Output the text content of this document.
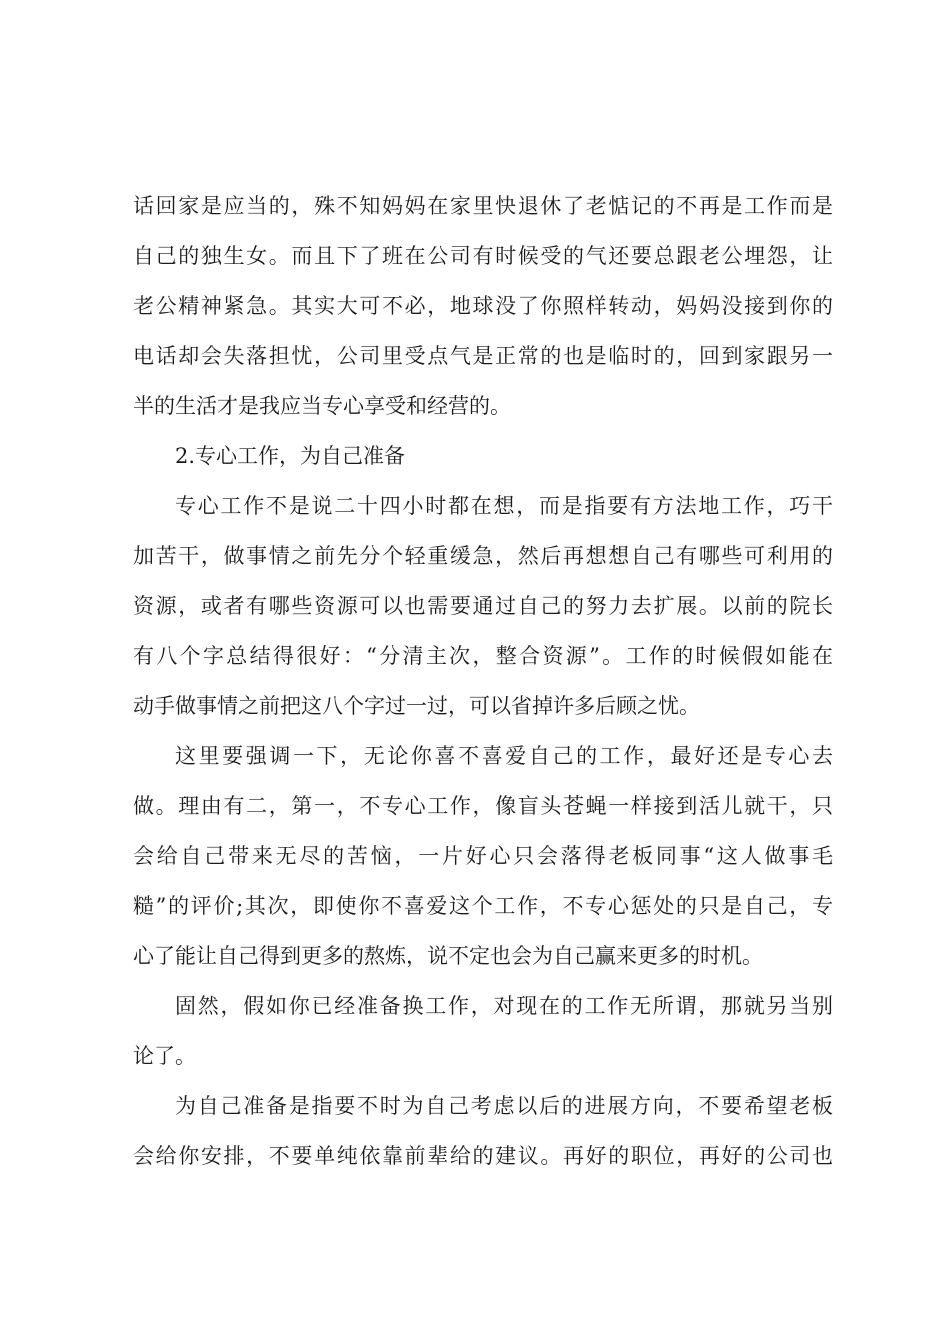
话回家是应当的，殊不知妈妈在家里快退休了老惦记的不再是工作而是
自己的独生女。而且下了班在公司有时候受的气还要总跟老公埋怨，让
老公精神紧急。其实大可不必，地球没了你照样转动，妈妈没接到你的
电话却会失落担忧，公司里受点气是正常的也是临时的，回到家跟另一
半的生活才是我应当专心享受和经营的。
2.专心工作，为自己准备
专心工作不是说二十四小时都在想，而是指要有方法地工作，巧干
加苦干，做事情之前先分个轻重缓急，然后再想想自己有哪些可利用的
资源，或者有哪些资源可以也需要通过自己的努力去扩展。以前的院长
有八个字总结得很好：“分清主次，整合资源”。工作的时候假如能在
动手做事情之前把这八个字过一过，可以省掉许多后顾之忧。
这里要强调一下，无论你喜不喜爱自己的工作，最好还是专心去
做。理由有二，第一，不专心工作，像盲头苍蝇一样接到活儿就干，只
会给自己带来无尽的苦恼，一片好心只会落得老板同事“这人做事毛
糙”的评价;其次，即使你不喜爱这个工作，不专心惩处的只是自己，专
心了能让自己得到更多的熬炼，说不定也会为自己赢来更多的时机。
固然，假如你已经准备换工作，对现在的工作无所谓，那就另当别
论了。
为自己准备是指要不时为自己考虑以后的进展方向，不要希望老板
会给你安排，不要单纯依靠前辈给的建议。再好的职位，再好的公司也
